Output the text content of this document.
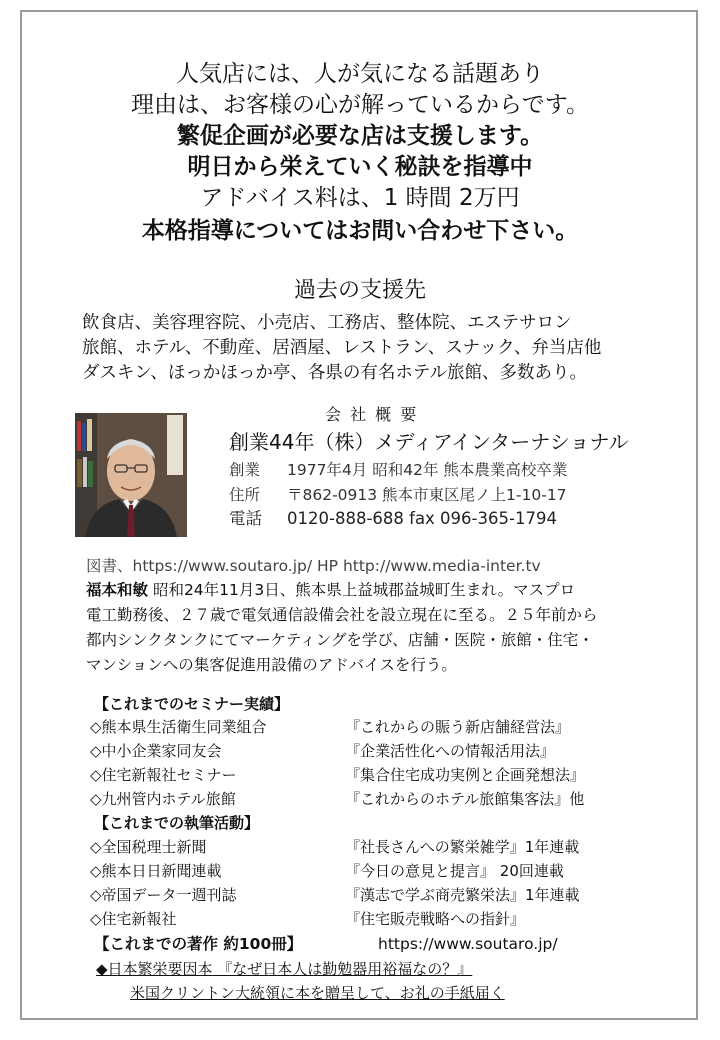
人気店には、人が気になる話題あり
理由は、お客様の心が解っているからです。
繁促企画が必要な店は支援します。
明日から栄えていく秘訣を指導中
アドバイス料は、1 時間 2万円
本格指導についてはお問い合わせ下さい。
過去の支援先
飲食店、美容理容院、小売店、工務店、整体院、エステサロン
旅館、ホテル、不動産、居酒屋、レストラン、スナック、弁当店他
ダスキン、ほっかほっか亭、各県の有名ホテル旅館、多数あり。
会 社 概 要
創業44年（株）メディアインターナショナル
創業 1977年4月 昭和42年 熊本農業高校卒業
住所 〒862-0913 熊本市東区尾ノ上1-10-17
電話 0120-888-688 fax 096-365-1794
図書、https://www.soutaro.jp/ HP http://www.media-inter.tv
福本和敏 昭和24年11月3日、熊本県上益城郡益城町生まれ。マスプロ
電工勤務後、２７歳で電気通信設備会社を設立現在に至る。２５年前から
都内シンクタンクにてマーケティングを学び、店舗・医院・旅館・住宅・
マンションへの集客促進用設備のアドバイスを行う。
【これまでのセミナー実績】
◇熊本県生活衛生同業組合	『これからの賑う新店舗経営法』
◇中小企業家同友会	『企業活性化への情報活用法』
◇住宅新報社セミナー	『集合住宅成功実例と企画発想法』
◇九州管内ホテル旅館	『これからのホテル旅館集客法』他
【これまでの執筆活動】
◇全国税理士新聞	『社長さんへの繁栄雑学』1年連載
◇熊本日日新聞連載	『今日の意見と提言』 20回連載
◇帝国データ一週刊誌	『漢志で学ぶ商売繁栄法』1年連載
◇住宅新報社	『住宅販売戦略への指針』
【これまでの著作 約100冊】	https://www.soutaro.jp/
◆日本繁栄要因本 『なぜ日本人は勤勉器用裕福なの？』
米国クリントン大統領に本を贈呈して、お礼の手紙届く
